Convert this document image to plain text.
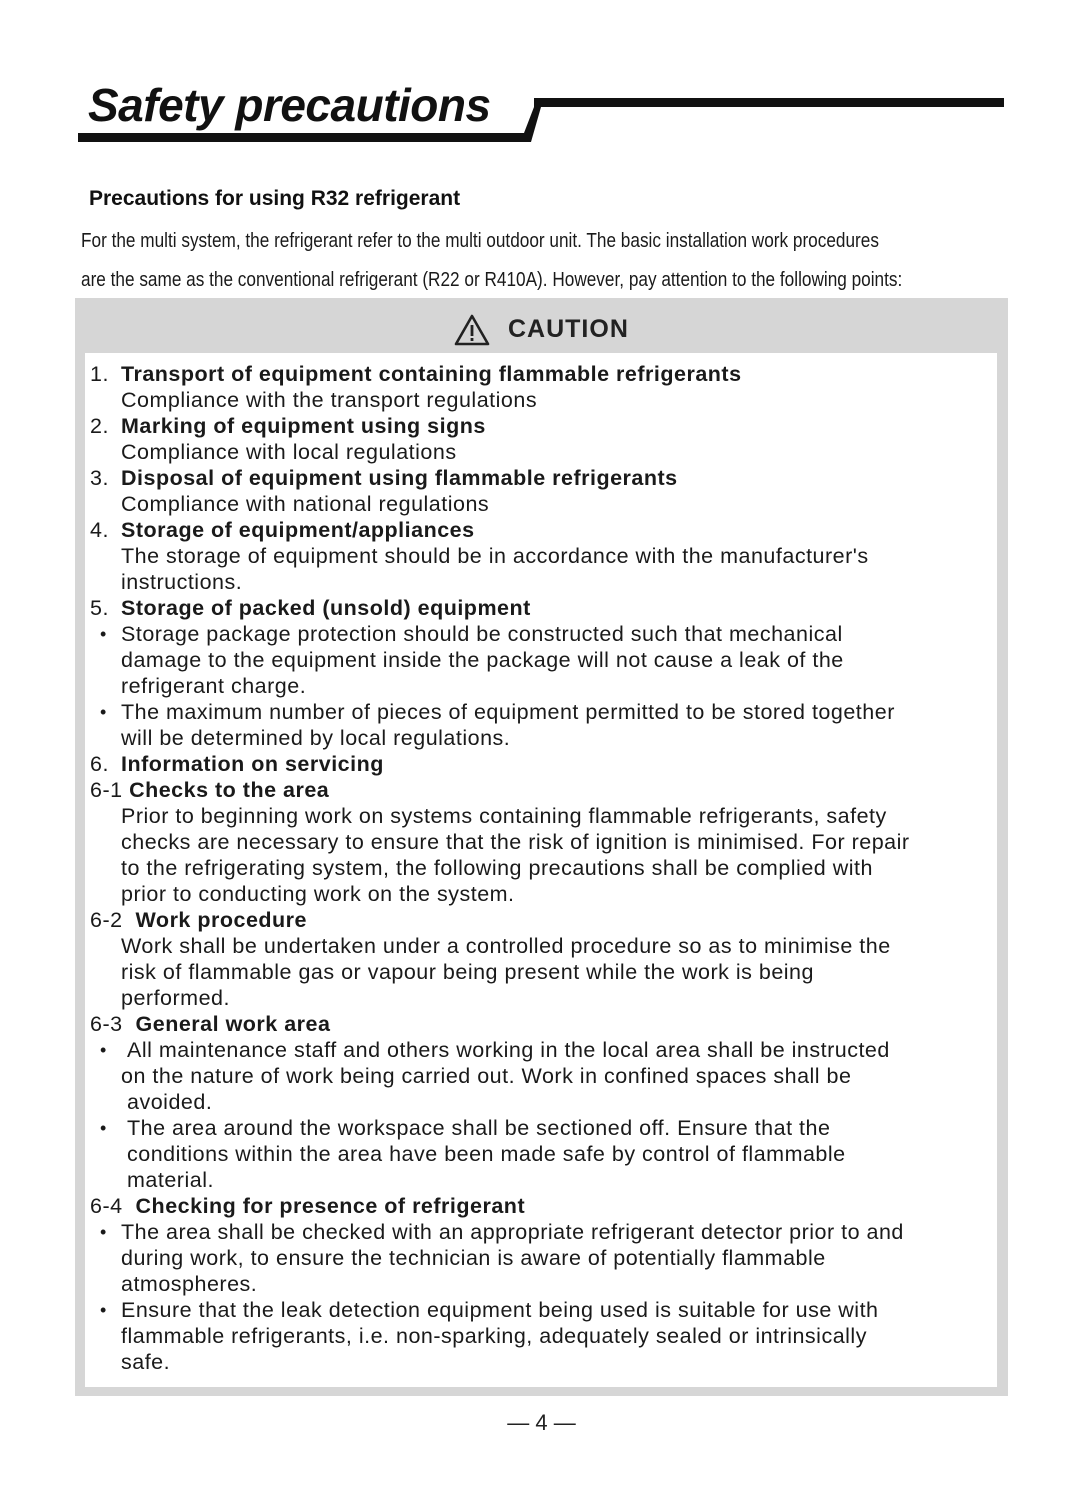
Safety precautions
Precautions for using R32 refrigerant

For the multi system, the refrigerant refer to the multi outdoor unit. The basic installation work procedures

are the same as the conventional refrigerant (R22 or R410A). However, pay attention to the following points:

CAUTION
1. Transport of equipment containing flammable refrigerants
Compliance with the transport regulations
2. Marking of equipment using signs
Compliance with local regulations
3. Disposal of equipment using flammable refrigerants
Compliance with national regulations
4. Storage of equipment/appliances
The storage of equipment should be in accordance with the manufacturer's
instructions.
5. Storage of packed (unsold) equipment
• Storage package protection should be constructed such that mechanical
damage to the equipment inside the package will not cause a leak of the
refrigerant charge.
• The maximum number of pieces of equipment permitted to be stored together
will be determined by local regulations.
6. Information on servicing
6-1 Checks to the area
Prior to beginning work on systems containing flammable refrigerants, safety
checks are necessary to ensure that the risk of ignition is minimised. For repair
to the refrigerating system, the following precautions shall be complied with
prior to conducting work on the system.
6-2 Work procedure
Work shall be undertaken under a controlled procedure so as to minimise the
risk of flammable gas or vapour being present while the work is being
performed.
6-3 General work area
• All maintenance staff and others working in the local area shall be instructed
on the nature of work being carried out. Work in confined spaces shall be
avoided.
• The area around the workspace shall be sectioned off. Ensure that the
conditions within the area have been made safe by control of flammable
material.
6-4 Checking for presence of refrigerant
• The area shall be checked with an appropriate refrigerant detector prior to and
during work, to ensure the technician is aware of potentially flammable
atmospheres.
• Ensure that the leak detection equipment being used is suitable for use with
flammable refrigerants, i.e. non-sparking, adequately sealed or intrinsically
safe.

— 4 —
